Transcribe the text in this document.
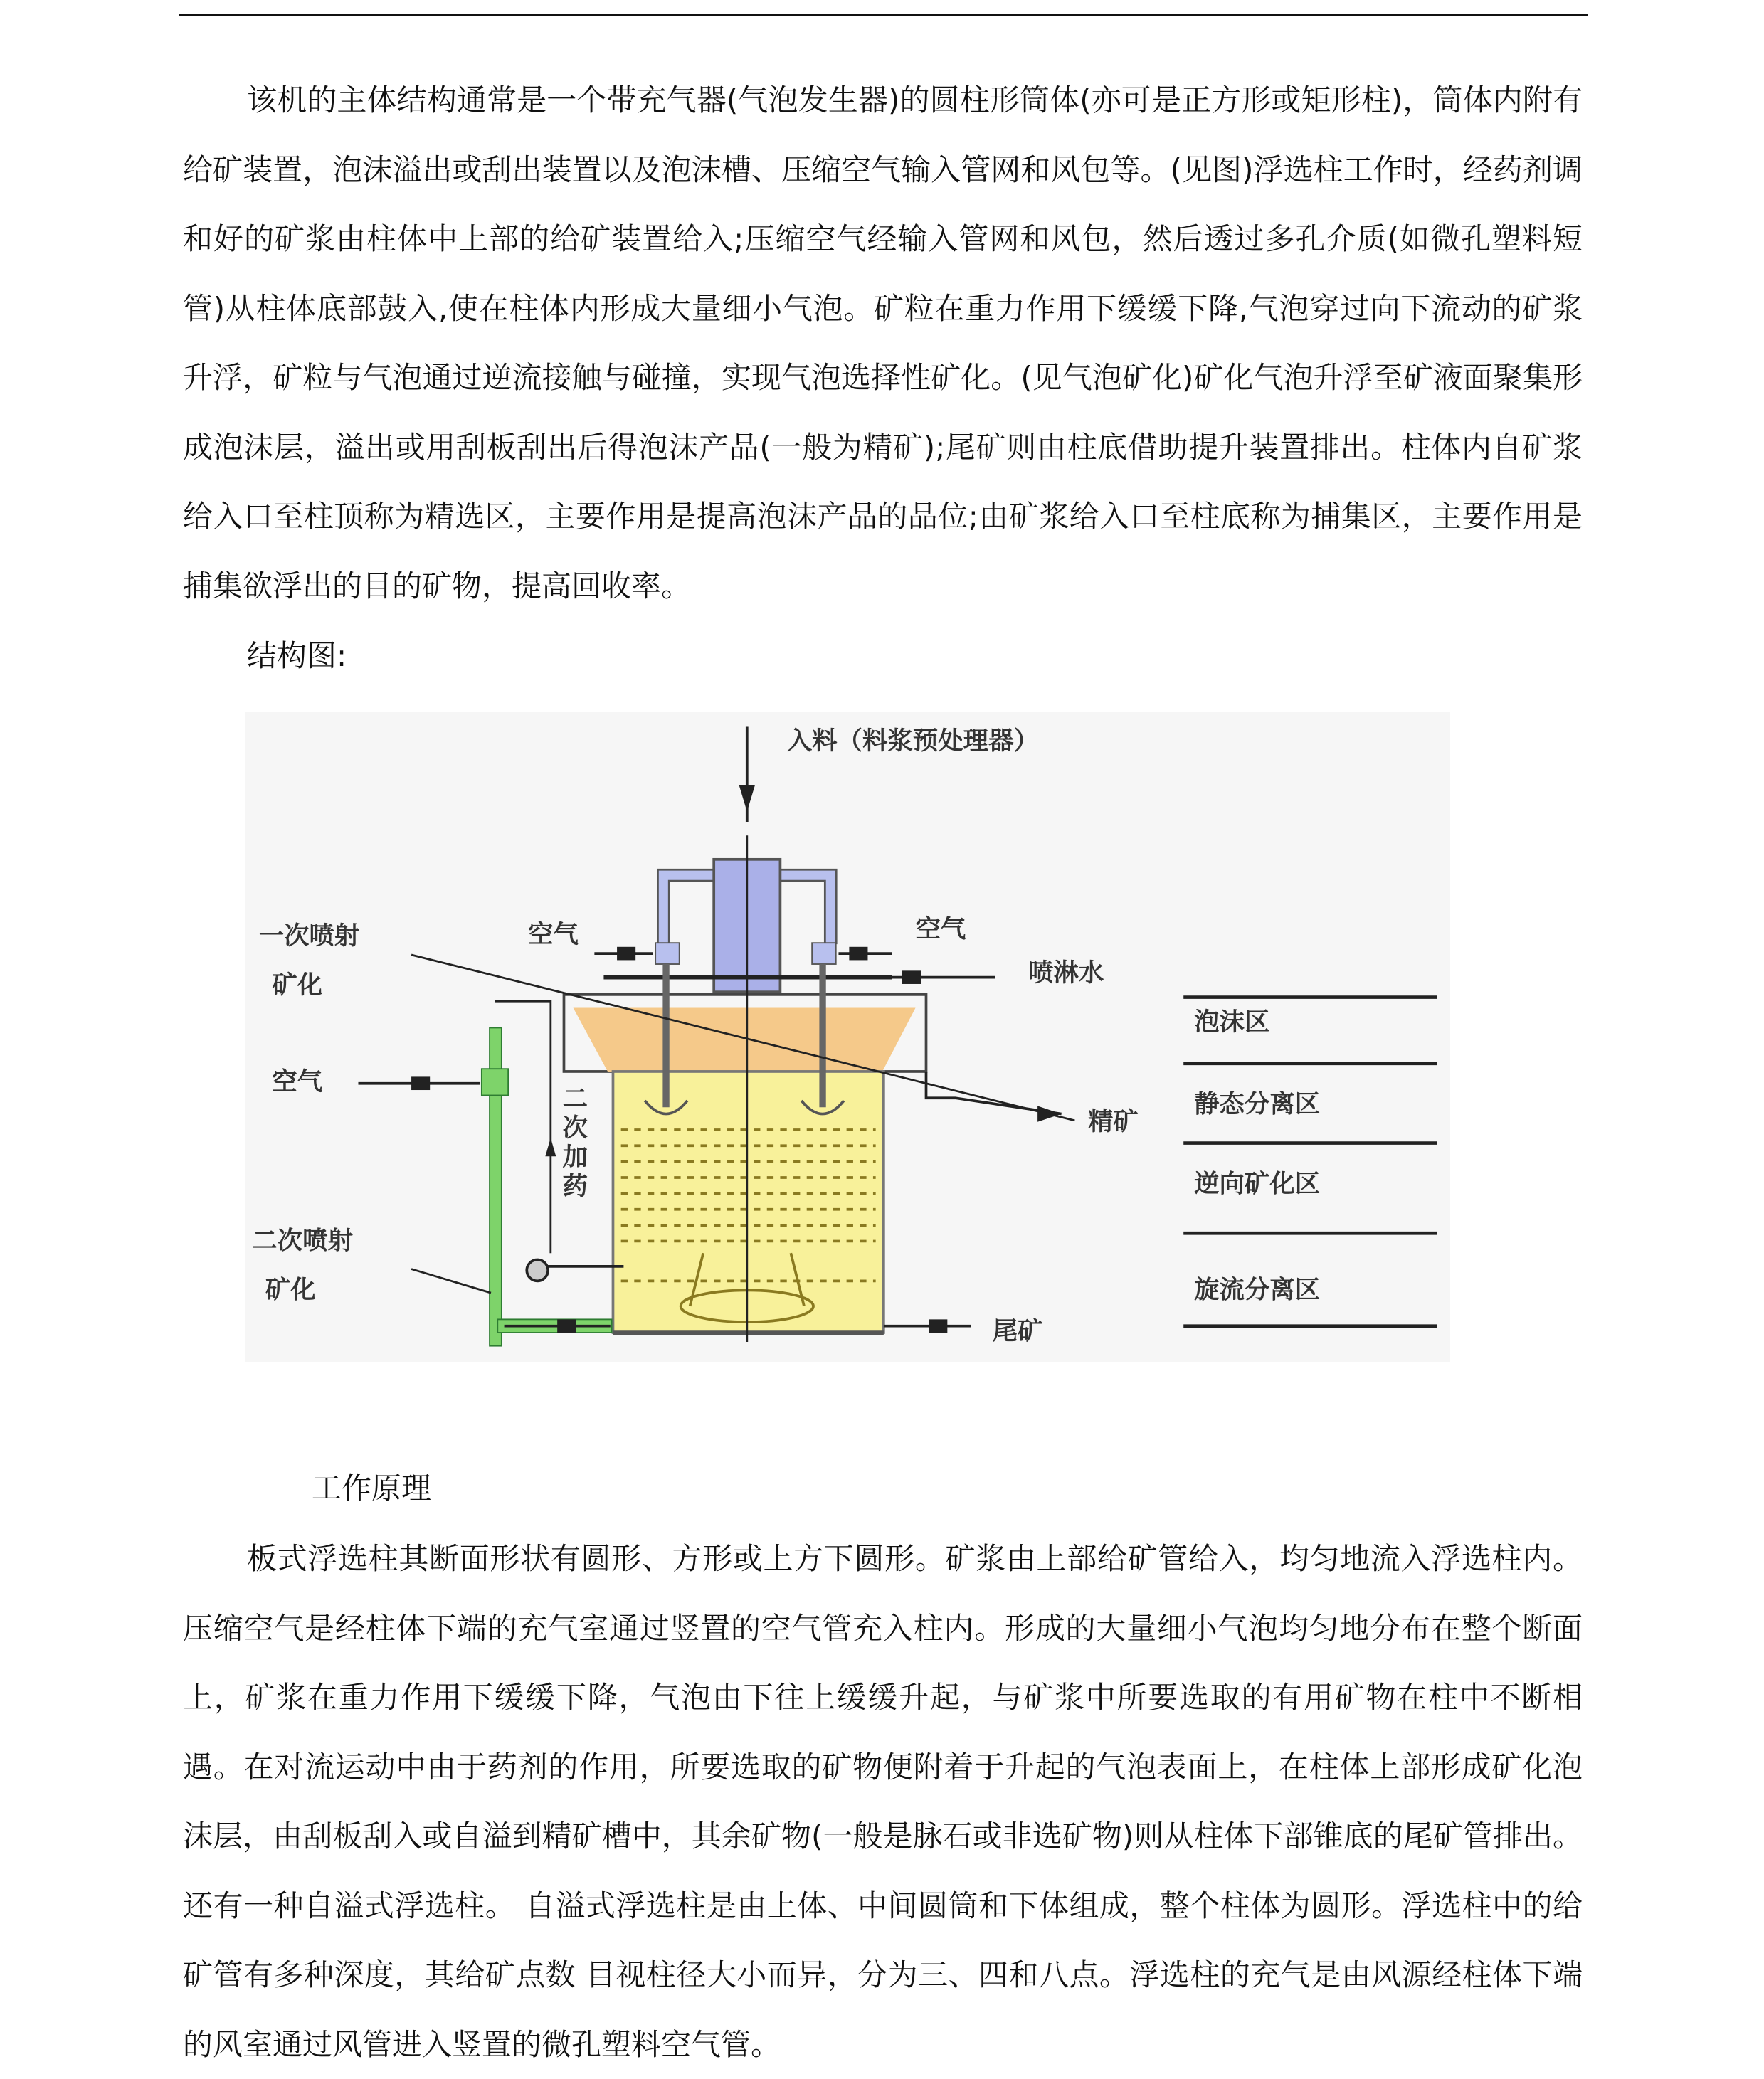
该机的主体结构通常是一个带充气器(气泡发生器)的圆柱形筒体(亦可是正方形或矩形柱)，筒体内附有给矿装置，泡沫溢出或刮出装置以及泡沫槽、压缩空气输入管网和风包等。(见图)浮选柱工作时，经药剂调和好的矿浆由柱体中上部的给矿装置给入;压缩空气经输入管网和风包，然后透过多孔介质(如微孔塑料短管)从柱体底部鼓入,使在柱体内形成大量细小气泡。矿粒在重力作用下缓缓下降,气泡穿过向下流动的矿浆升浮，矿粒与气泡通过逆流接触与碰撞，实现气泡选择性矿化。(见气泡矿化)矿化气泡升浮至矿液面聚集形成泡沫层，溢出或用刮板刮出后得泡沫产品(一般为精矿);尾矿则由柱底借助提升装置排出。柱体内自矿浆给入口至柱顶称为精选区，主要作用是提高泡沫产品的品位;由矿浆给入口至柱底称为捕集区，主要作用是捕集欲浮出的目的矿物，提高回收率。

结构图:
入料（料浆预处理器）
空气	空气
喷淋水
精矿
尾矿
空气
二
次
加
药
一次喷射
矿化
二次喷射
矿化
泡沫区
静态分离区
逆向矿化区
旋流分离区
工作原理

板式浮选柱其断面形状有圆形、方形或上方下圆形。矿浆由上部给矿管给入，均匀地流入浮选柱内。压缩空气是经柱体下端的充气室通过竖置的空气管充入柱内。形成的大量细小气泡均匀地分布在整个断面上，矿浆在重力作用下缓缓下降，气泡由下往上缓缓升起，与矿浆中所要选取的有用矿物在柱中不断相遇。在对流运动中由于药剂的作用，所要选取的矿物便附着于升起的气泡表面上，在柱体上部形成矿化泡沫层，由刮板刮入或自溢到精矿槽中，其余矿物(一般是脉石或非选矿物)则从柱体下部锥底的尾矿管排出。 还有一种自溢式浮选柱。 自溢式浮选柱是由上体、中间圆筒和下体组成，整个柱体为圆形。浮选柱中的给矿管有多种深度，其给矿点数 目视柱径大小而异，分为三、四和八点。浮选柱的充气是由风源经柱体下端的风室通过风管进入竖置的微孔塑料空气管。
